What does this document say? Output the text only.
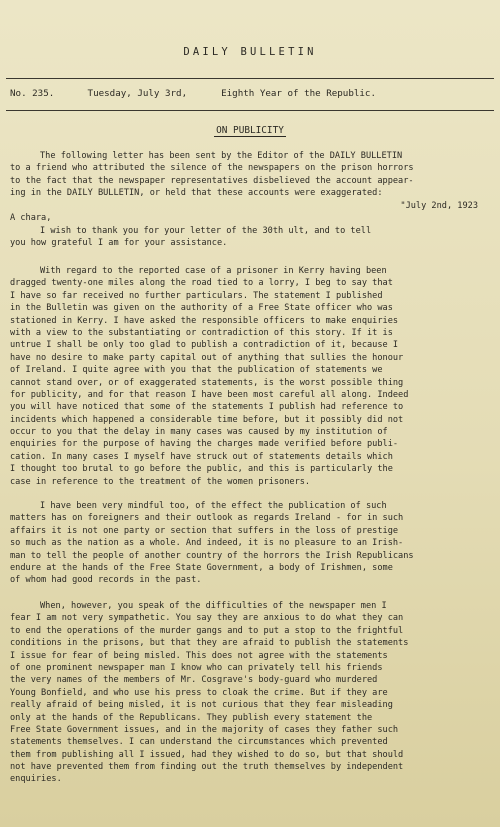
DAILY BULLETIN
No. 235.	Tuesday, July 3rd,	Eighth Year of the Republic.
ON PUBLICITY
The following letter has been sent by the Editor of the DAILY BULLETIN
to a friend who attributed the silence of the newspapers on the prison horrors
to the fact that the newspaper representatives disbelieved the account appear-
ing in the DAILY BULLETIN, or held that these accounts were exaggerated:
"July 2nd, 1923
A chara,
I wish to thank you for your letter of the 30th ult, and to tell
you how grateful I am for your assistance.
With regard to the reported case of a prisoner in Kerry having been
dragged twenty-one miles along the road tied to a lorry, I beg to say that
I have so far received no further particulars. The statement I published
in the Bulletin was given on the authority of a Free State officer who was
stationed in Kerry. I have asked the responsible officers to make enquiries
with a view to the substantiating or contradiction of this story. If it is
untrue I shall be only too glad to publish a contradiction of it, because I
have no desire to make party capital out of anything that sullies the honour
of Ireland. I quite agree with you that the publication of statements we
cannot stand over, or of exaggerated statements, is the worst possible thing
for publicity, and for that reason I have been most careful all along. Indeed
you will have noticed that some of the statements I publish had reference to
incidents which happened a considerable time before, but it possibly did not
occur to you that the delay in many cases was caused by my institution of
enquiries for the purpose of having the charges made verified before publi-
cation. In many cases I myself have struck out of statements details which
I thought too brutal to go before the public, and this is particularly the
case in reference to the treatment of the women prisoners.
I have been very mindful too, of the effect the publication of such
matters has on foreigners and their outlook as regards Ireland - for in such
affairs it is not one party or section that suffers in the loss of prestige
so much as the nation as a whole. And indeed, it is no pleasure to an Irish-
man to tell the people of another country of the horrors the Irish Republicans
endure at the hands of the Free State Government, a body of Irishmen, some
of whom had good records in the past.
When, however, you speak of the difficulties of the newspaper men I
fear I am not very sympathetic. You say they are anxious to do what they can
to end the operations of the murder gangs and to put a stop to the frightful
conditions in the prisons, but that they are afraid to publish the statements
I issue for fear of being misled. This does not agree with the statements
of one prominent newspaper man I know who can privately tell his friends
the very names of the members of Mr. Cosgrave's body-guard who murdered
Young Bonfield, and who use his press to cloak the crime. But if they are
really afraid of being misled, it is not curious that they fear misleading
only at the hands of the Republicans. They publish every statement the
Free State Government issues, and in the majority of cases they father such
statements themselves. I can understand the circumstances which prevented
them from publishing all I issued, had they wished to do so, but that should
not have prevented them from finding out the truth themselves by independent
enquiries.
